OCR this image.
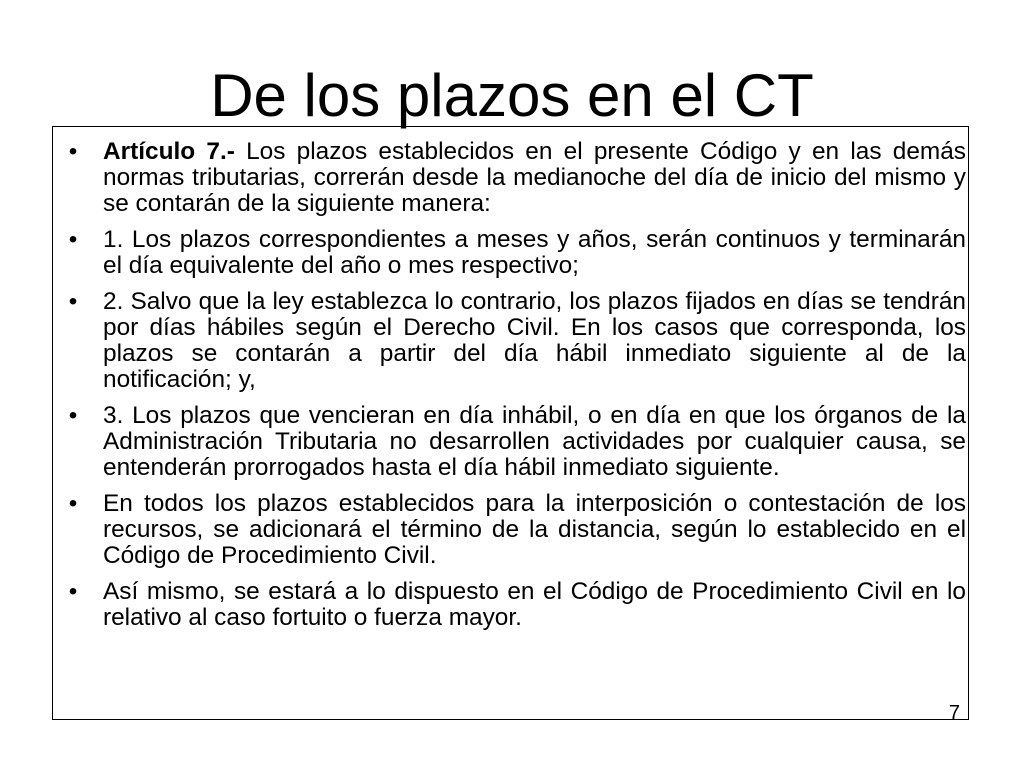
De los plazos en el CT
• Artículo 7.- Los plazos establecidos en el presente Código y en las demás normas tributarias, correrán desde la medianoche del día de inicio del mismo y se contarán de la siguiente manera:
• 1. Los plazos correspondientes a meses y años, serán continuos y terminarán el día equivalente del año o mes respectivo;
• 2. Salvo que la ley establezca lo contrario, los plazos fijados en días se tendrán por días hábiles según el Derecho Civil. En los casos que corresponda, los plazos se contarán a partir del día hábil inmediato siguiente al de la notificación; y,
• 3. Los plazos que vencieran en día inhábil, o en día en que los órganos de la Administración Tributaria no desarrollen actividades por cualquier causa, se entenderán prorrogados hasta el día hábil inmediato siguiente.
• En todos los plazos establecidos para la interposición o contestación de los recursos, se adicionará el término de la distancia, según lo establecido en el Código de Procedimiento Civil.
• Así mismo, se estará a lo dispuesto en el Código de Procedimiento Civil en lo relativo al caso fortuito o fuerza mayor.
7
